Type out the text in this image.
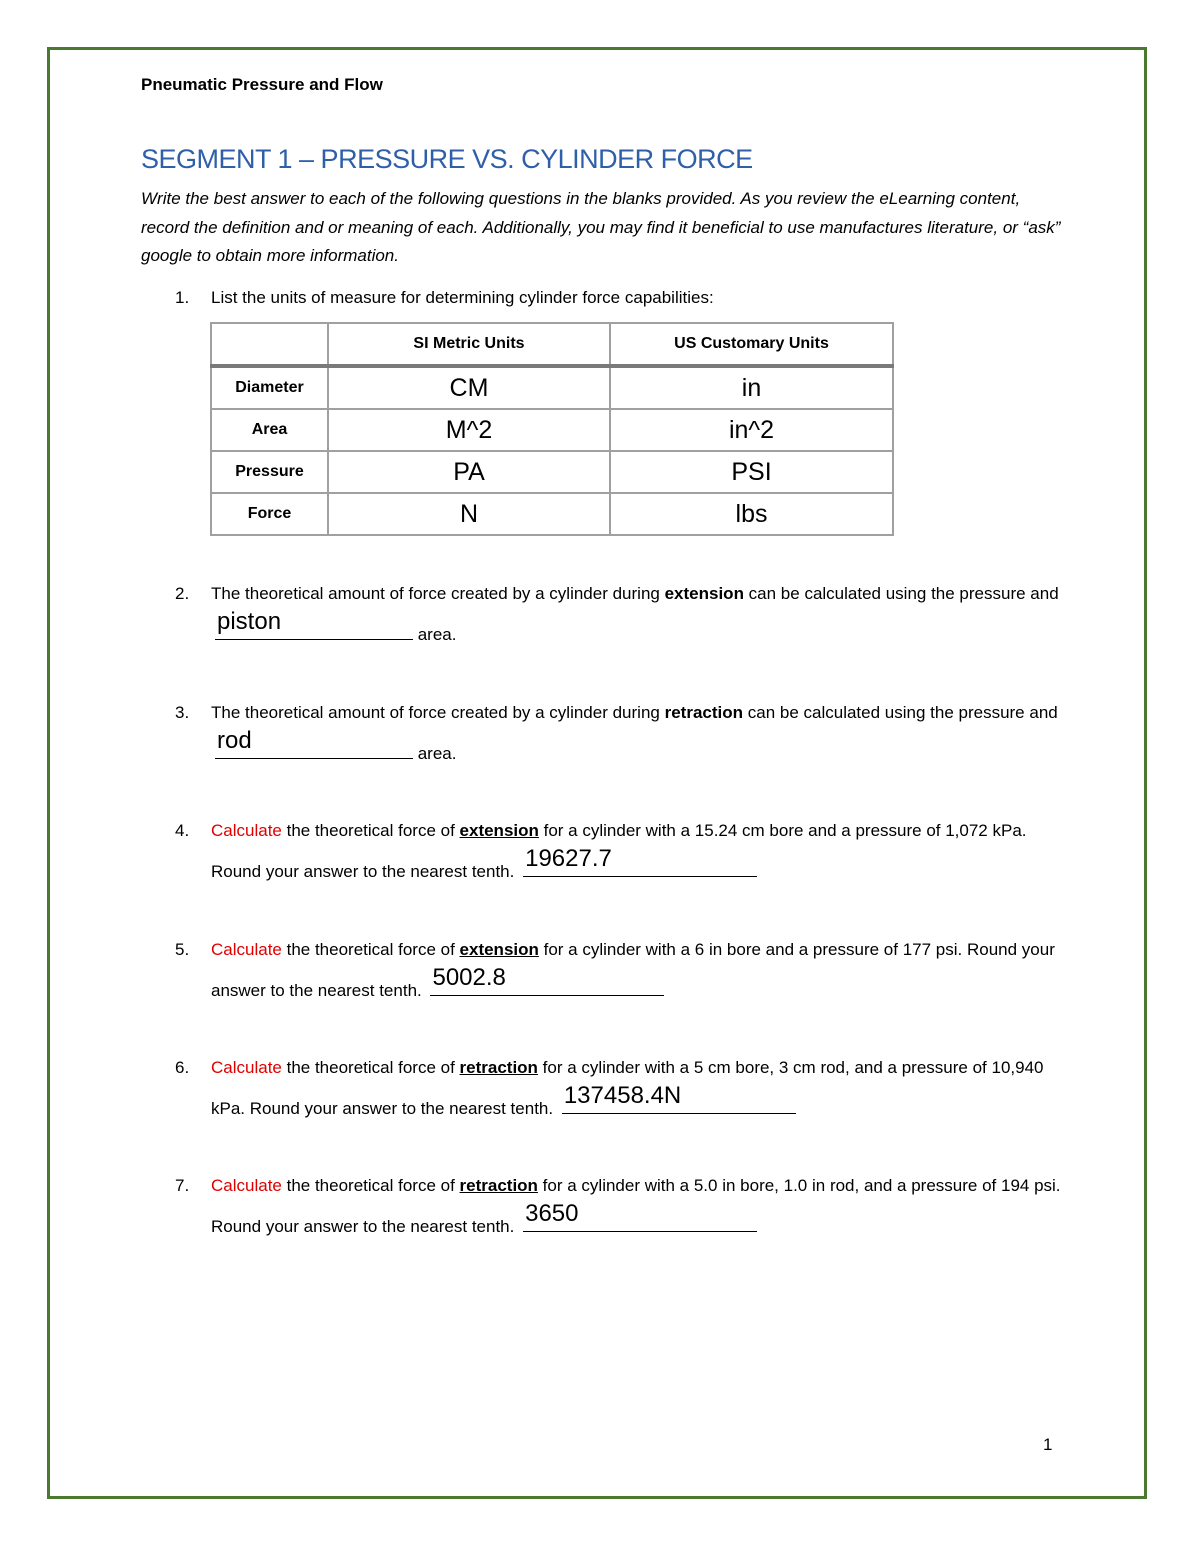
Pneumatic Pressure and Flow
SEGMENT 1 – PRESSURE VS. CYLINDER FORCE
Write the best answer to each of the following questions in the blanks provided. As you review the eLearning content, record the definition and or meaning of each. Additionally, you may find it beneficial to use manufactures literature, or “ask” google to obtain more information.
1. List the units of measure for determining cylinder force capabilities:
	SI Metric Units	US Customary Units
Diameter	CM	in
Area	M^2	in^2
Pressure	PA	PSI
Force	N	lbs
2. The theoretical amount of force created by a cylinder during extension can be calculated using the pressure and
piston	area.
3. The theoretical amount of force created by a cylinder during retraction can be calculated using the pressure and
rod	area.
4. Calculate the theoretical force of extension for a cylinder with a 15.24 cm bore and a pressure of 1,072 kPa. Round your answer to the nearest tenth. 19627.7
5. Calculate the theoretical force of extension for a cylinder with a 6 in bore and a pressure of 177 psi. Round your answer to the nearest tenth. 5002.8
6. Calculate the theoretical force of retraction for a cylinder with a 5 cm bore, 3 cm rod, and a pressure of 10,940 kPa. Round your answer to the nearest tenth. 137458.4N
7. Calculate the theoretical force of retraction for a cylinder with a 5.0 in bore, 1.0 in rod, and a pressure of 194 psi. Round your answer to the nearest tenth. 3650
1
